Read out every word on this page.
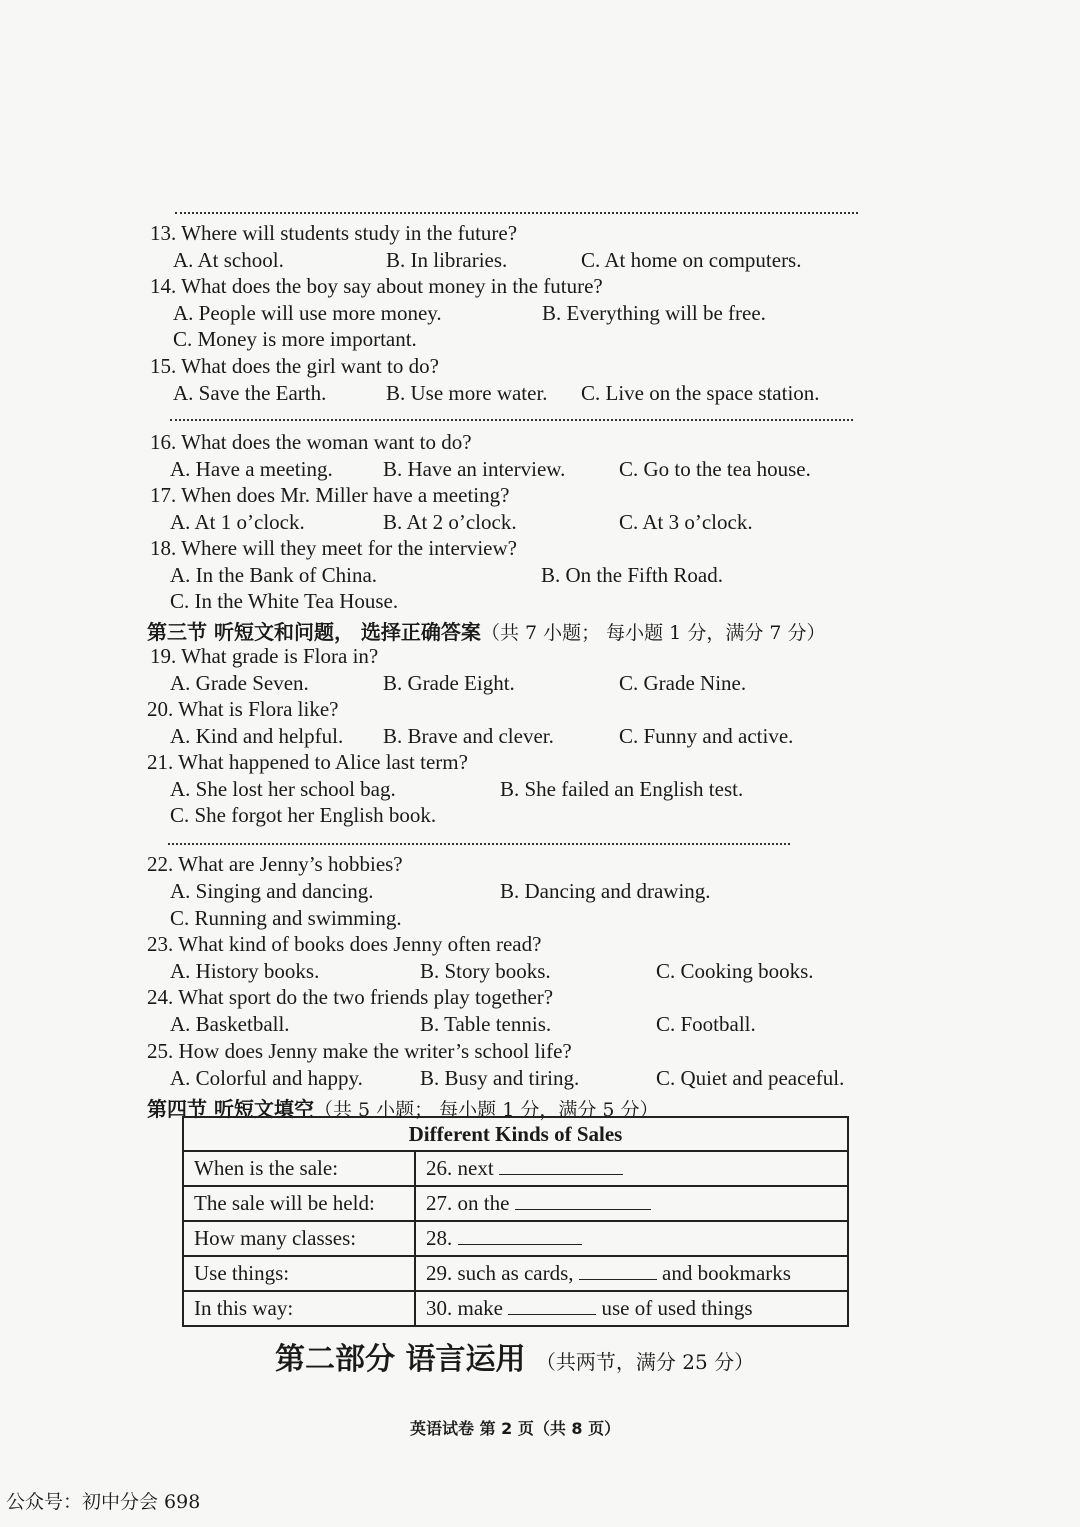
13. Where will students study in the future?
A. At school.	B. In libraries.	C. At home on computers.
14. What does the boy say about money in the future?
A. People will use more money.	B. Everything will be free.
C. Money is more important.
15. What does the girl want to do?
A. Save the Earth.	B. Use more water. C. Live on the space station.
16. What does the woman want to do?
A. Have a meeting. B. Have an interview.	C. Go to the tea house.
17. When does Mr. Miller have a meeting?
A. At 1 o’clock.	B. At 2 o’clock.	C. At 3 o’clock.
18. Where will they meet for the interview?
A. In the Bank of China.	B. On the Fifth Road.
C. In the White Tea House.
第三节 听短文和问题， 选择正确答案（共 7 小题； 每小题 1 分，满分 7 分）
19. What grade is Flora in?
A. Grade Seven.	B. Grade Eight.	C. Grade Nine.
20. What is Flora like?
A. Kind and helpful. B. Brave and clever.	C. Funny and active.
21. What happened to Alice last term?
A. She lost her school bag.	B. She failed an English test.
C. She forgot her English book.
22. What are Jenny’s hobbies?
A. Singing and dancing.	B. Dancing and drawing.
C. Running and swimming.
23. What kind of books does Jenny often read?
A. History books.	B. Story books.	C. Cooking books.
24. What sport do the two friends play together?
A. Basketball.	B. Table tennis.	C. Football.
25. How does Jenny make the writer’s school life?
A. Colorful and happy.	B. Busy and tiring.	C. Quiet and peaceful.
第四节 听短文填空（共 5 小题； 每小题 1 分，满分 5 分）
Different Kinds of Sales	
When is the sale:	26. next
The sale will be held:	27. on the
How many classes:	28.
Use things:	29. such as cards, and bookmarks
In this way:	30. make use of used things
第二部分 语言运用 （共两节，满分 25 分）
英语试卷 第 2 页（共 8 页）
公众号：初中分会 698
